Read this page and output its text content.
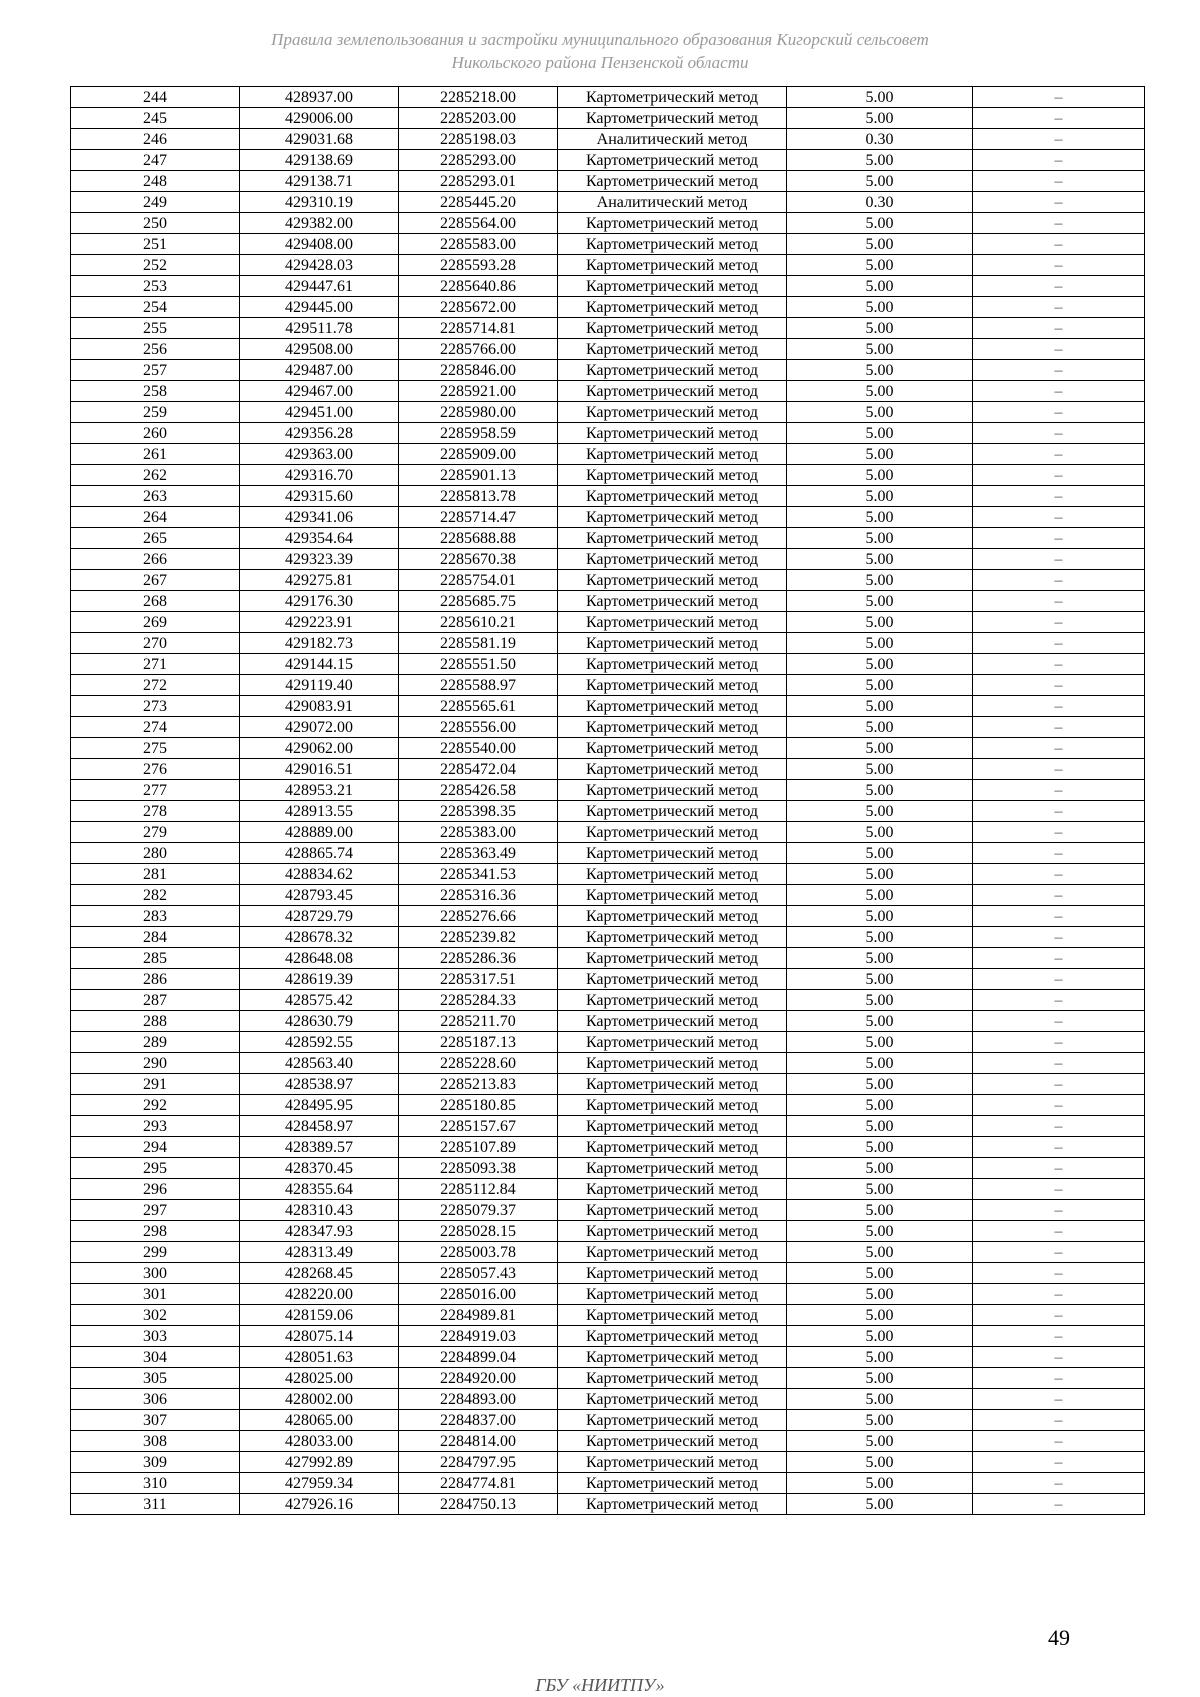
Правила землепользования и застройки муниципального образования Кигорский сельсовет
Никольского района Пензенской области
244	428937.00	2285218.00	Картометрический метод	5.00	–
245	429006.00	2285203.00	Картометрический метод	5.00	–
246	429031.68	2285198.03	Аналитический метод	0.30	–
247	429138.69	2285293.00	Картометрический метод	5.00	–
248	429138.71	2285293.01	Картометрический метод	5.00	–
249	429310.19	2285445.20	Аналитический метод	0.30	–
250	429382.00	2285564.00	Картометрический метод	5.00	–
251	429408.00	2285583.00	Картометрический метод	5.00	–
252	429428.03	2285593.28	Картометрический метод	5.00	–
253	429447.61	2285640.86	Картометрический метод	5.00	–
254	429445.00	2285672.00	Картометрический метод	5.00	–
255	429511.78	2285714.81	Картометрический метод	5.00	–
256	429508.00	2285766.00	Картометрический метод	5.00	–
257	429487.00	2285846.00	Картометрический метод	5.00	–
258	429467.00	2285921.00	Картометрический метод	5.00	–
259	429451.00	2285980.00	Картометрический метод	5.00	–
260	429356.28	2285958.59	Картометрический метод	5.00	–
261	429363.00	2285909.00	Картометрический метод	5.00	–
262	429316.70	2285901.13	Картометрический метод	5.00	–
263	429315.60	2285813.78	Картометрический метод	5.00	–
264	429341.06	2285714.47	Картометрический метод	5.00	–
265	429354.64	2285688.88	Картометрический метод	5.00	–
266	429323.39	2285670.38	Картометрический метод	5.00	–
267	429275.81	2285754.01	Картометрический метод	5.00	–
268	429176.30	2285685.75	Картометрический метод	5.00	–
269	429223.91	2285610.21	Картометрический метод	5.00	–
270	429182.73	2285581.19	Картометрический метод	5.00	–
271	429144.15	2285551.50	Картометрический метод	5.00	–
272	429119.40	2285588.97	Картометрический метод	5.00	–
273	429083.91	2285565.61	Картометрический метод	5.00	–
274	429072.00	2285556.00	Картометрический метод	5.00	–
275	429062.00	2285540.00	Картометрический метод	5.00	–
276	429016.51	2285472.04	Картометрический метод	5.00	–
277	428953.21	2285426.58	Картометрический метод	5.00	–
278	428913.55	2285398.35	Картометрический метод	5.00	–
279	428889.00	2285383.00	Картометрический метод	5.00	–
280	428865.74	2285363.49	Картометрический метод	5.00	–
281	428834.62	2285341.53	Картометрический метод	5.00	–
282	428793.45	2285316.36	Картометрический метод	5.00	–
283	428729.79	2285276.66	Картометрический метод	5.00	–
284	428678.32	2285239.82	Картометрический метод	5.00	–
285	428648.08	2285286.36	Картометрический метод	5.00	–
286	428619.39	2285317.51	Картометрический метод	5.00	–
287	428575.42	2285284.33	Картометрический метод	5.00	–
288	428630.79	2285211.70	Картометрический метод	5.00	–
289	428592.55	2285187.13	Картометрический метод	5.00	–
290	428563.40	2285228.60	Картометрический метод	5.00	–
291	428538.97	2285213.83	Картометрический метод	5.00	–
292	428495.95	2285180.85	Картометрический метод	5.00	–
293	428458.97	2285157.67	Картометрический метод	5.00	–
294	428389.57	2285107.89	Картометрический метод	5.00	–
295	428370.45	2285093.38	Картометрический метод	5.00	–
296	428355.64	2285112.84	Картометрический метод	5.00	–
297	428310.43	2285079.37	Картометрический метод	5.00	–
298	428347.93	2285028.15	Картометрический метод	5.00	–
299	428313.49	2285003.78	Картометрический метод	5.00	–
300	428268.45	2285057.43	Картометрический метод	5.00	–
301	428220.00	2285016.00	Картометрический метод	5.00	–
302	428159.06	2284989.81	Картометрический метод	5.00	–
303	428075.14	2284919.03	Картометрический метод	5.00	–
304	428051.63	2284899.04	Картометрический метод	5.00	–
305	428025.00	2284920.00	Картометрический метод	5.00	–
306	428002.00	2284893.00	Картометрический метод	5.00	–
307	428065.00	2284837.00	Картометрический метод	5.00	–
308	428033.00	2284814.00	Картометрический метод	5.00	–
309	427992.89	2284797.95	Картометрический метод	5.00	–
310	427959.34	2284774.81	Картометрический метод	5.00	–
311	427926.16	2284750.13	Картометрический метод	5.00	–
49
ГБУ «НИИТПУ»
